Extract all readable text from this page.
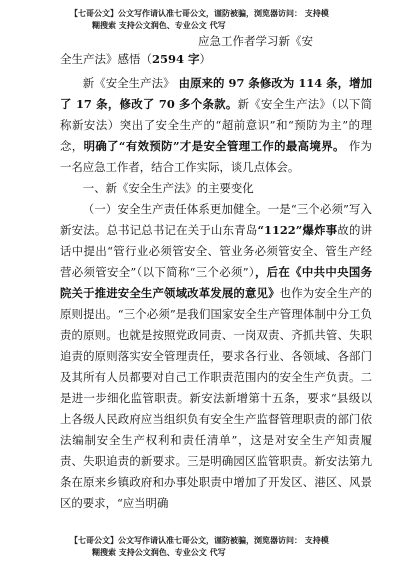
【七哥公文】公文写作请认准七哥公文，谨防被骗，浏览器访问： 支持模
糊搜索 支持公文润色、专业公文 代写
应急工作者学习新《安
全生产法》感悟（2594 字）

新《安全生产法》 由原来的 97 条修改为 114 条，增加 了 17 条，修改了 70 多个条款。新《安全生产法》（以下简 称新安法）突出了安全生产的“超前意识”和“预防为主”的理念，明确了“有效预防”才是安全管理工作的最高境界。 作为一名应急工作者，结合工作实际，谈几点体会。

一、新《安全生产法》的主要变化

（一）安全生产责任体系更加健全。一是“三个必须”写入新安法。总书记总书记在关于山东青岛“1122”爆炸事故的讲话中提出“管行业必须管安全、管业务必须管安全、管生产经营必须管安全”（以下简称“三个必须”），后在《中共中央国务院关于推进安全生产领域改革发展的意见》也作为安全生产的原则提出。“三个必须”是我们国家安全生产管理体制中分工负责的原则。也就是按照党政同责、一岗双责、齐抓共管、失职追责的原则落实安全管理责任，要求各行业、各领域、各部门及其所有人员都要对自己工作职责范围内的安全生产负责。二是进一步细化监管职责。新安法新增第十五条，要求“县级以上各级人民政府应当组织负有安全生产监督管理职责的部门依法编制安全生产权利和责任清单”，这是对安全生产知责履责、失职追责的新要求。三是明确园区监管职责。新安法第九条在原来乡镇政府和办事处职责中增加了开发区、港区、风景区的要求，“应当明确

【七哥公文】公文写作请认准七哥公文，谨防被骗，浏览器访问： 支持模
糊搜索 支持公文润色、专业公文 代写
